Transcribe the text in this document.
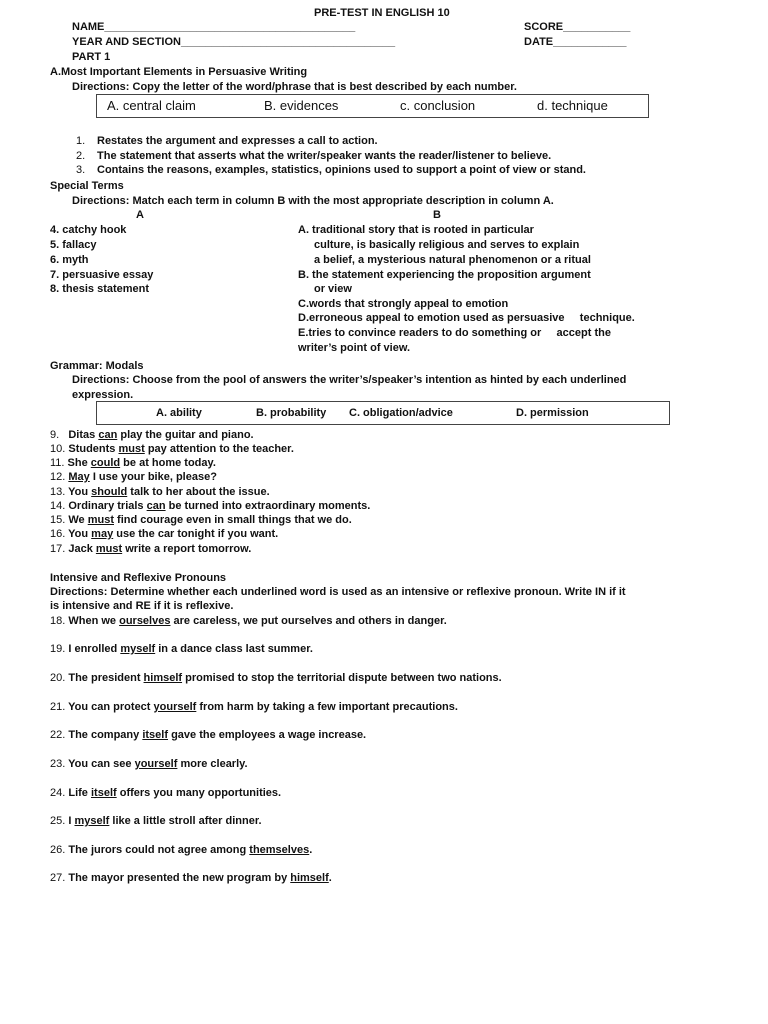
PRE-TEST IN ENGLISH 10
NAME_________________________________________	SCORE___________
YEAR AND SECTION___________________________________	DATE____________
PART 1
A.Most Important Elements in Persuasive Writing
Directions: Copy the letter of the word/phrase that is best described by each number.
A. central claim	B. evidences	c. conclusion	d. technique
1. Restates the argument and expresses a call to action.
2. The statement that asserts what the writer/speaker wants the reader/listener to believe.
3. Contains the reasons, examples, statistics, opinions used to support a point of view or stand.
Special Terms
Directions: Match each term in column B with the most appropriate description in column A.
A	B
4. catchy hook
5. fallacy
6. myth
7. persuasive essay
8. thesis statement
A. traditional story that is rooted in particular
culture, is basically religious and serves to explain
a belief, a mysterious natural phenomenon or a ritual
B. the statement experiencing the proposition argument
or view
C.words that strongly appeal to emotion
D.erroneous appeal to emotion used as persuasive     technique.
E.tries to convince readers to do something or     accept the
writer’s point of view.
Grammar: Modals
Directions: Choose from the pool of answers the writer’s/speaker’s intention as hinted by each underlined
expression.
A. ability	B. probability C. obligation/advice	D. permission
9. Ditas can play the guitar and piano.
10. Students must pay attention to the teacher.
11. She could be at home today.
12. May I use your bike, please?
13. You should talk to her about the issue.
14. Ordinary trials can be turned into extraordinary moments.
15. We must find courage even in small things that we do.
16. You may use the car tonight if you want.
17. Jack must write a report tomorrow.
Intensive and Reflexive Pronouns
Directions: Determine whether each underlined word is used as an intensive or reflexive pronoun. Write IN if it
is intensive and RE if it is reflexive.
18. When we ourselves are careless, we put ourselves and others in danger.
19. I enrolled myself in a dance class last summer.
20. The president himself promised to stop the territorial dispute between two nations.
21. You can protect yourself from harm by taking a few important precautions.
22. The company itself gave the employees a wage increase.
23. You can see yourself more clearly.
24. Life itself offers you many opportunities.
25. I myself like a little stroll after dinner.
26. The jurors could not agree among themselves.
27. The mayor presented the new program by himself.
